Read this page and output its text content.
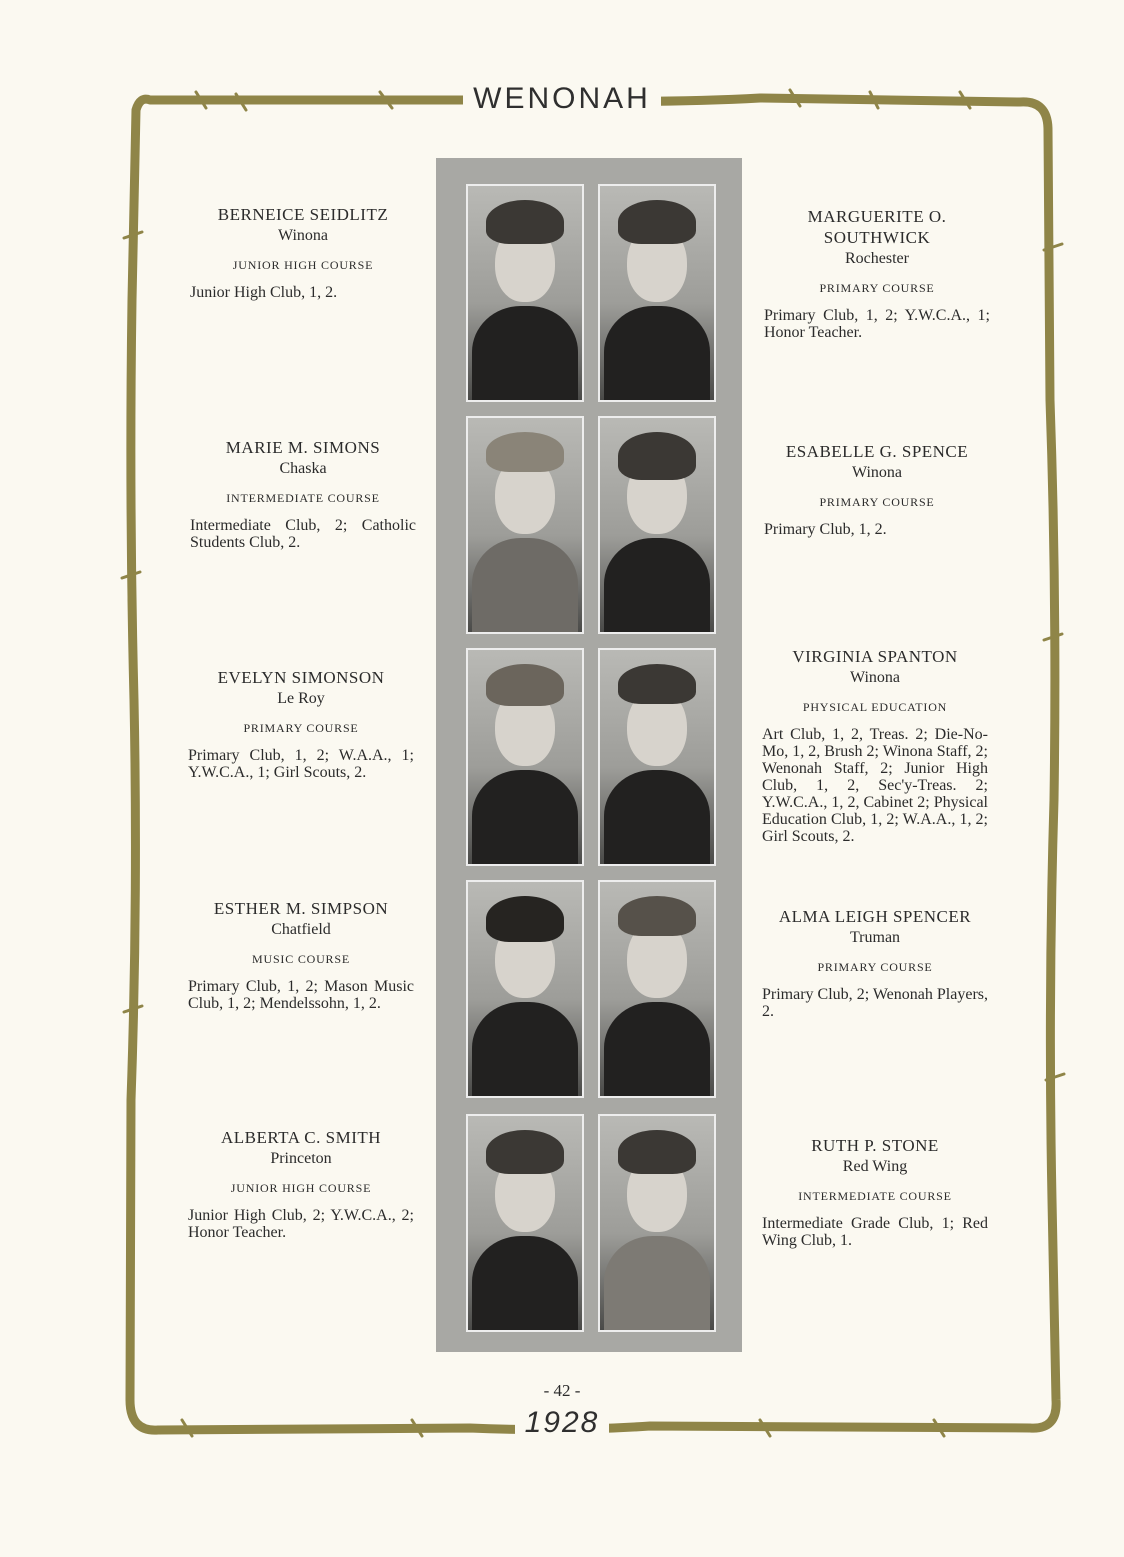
WENONAH
BERNEICE SEIDLITZ
Winona
JUNIOR HIGH COURSE
Junior High Club, 1, 2.
MARIE M. SIMONS
Chaska
INTERMEDIATE COURSE
Intermediate Club, 2; Catholic Students Club, 2.
EVELYN SIMONSON
Le Roy
PRIMARY COURSE
Primary Club, 1, 2; W.A.A., 1; Y.W.C.A., 1; Girl Scouts, 2.
ESTHER M. SIMPSON
Chatfield
MUSIC COURSE
Primary Club, 1, 2; Mason Music Club, 1, 2; Mendelssohn, 1, 2.
ALBERTA C. SMITH
Princeton
JUNIOR HIGH COURSE
Junior High Club, 2; Y.W.C.A., 2; Honor Teacher.
MARGUERITE O. SOUTHWICK
Rochester
PRIMARY COURSE
Primary Club, 1, 2; Y.W.C.A., 1; Honor Teacher.
ESABELLE G. SPENCE
Winona
PRIMARY COURSE
Primary Club, 1, 2.
VIRGINIA SPANTON
Winona
PHYSICAL EDUCATION
Art Club, 1, 2, Treas. 2; Die-No-Mo, 1, 2, Brush 2; Winona Staff, 2; Wenonah Staff, 2; Junior High Club, 1, 2, Sec'y-Treas. 2; Y.W.C.A., 1, 2, Cabinet 2; Physical Education Club, 1, 2; W.A.A., 1, 2; Girl Scouts, 2.
ALMA LEIGH SPENCER
Truman
PRIMARY COURSE
Primary Club, 2; Wenonah Players, 2.
RUTH P. STONE
Red Wing
INTERMEDIATE COURSE
Intermediate Grade Club, 1; Red Wing Club, 1.
- 42 -
1928
